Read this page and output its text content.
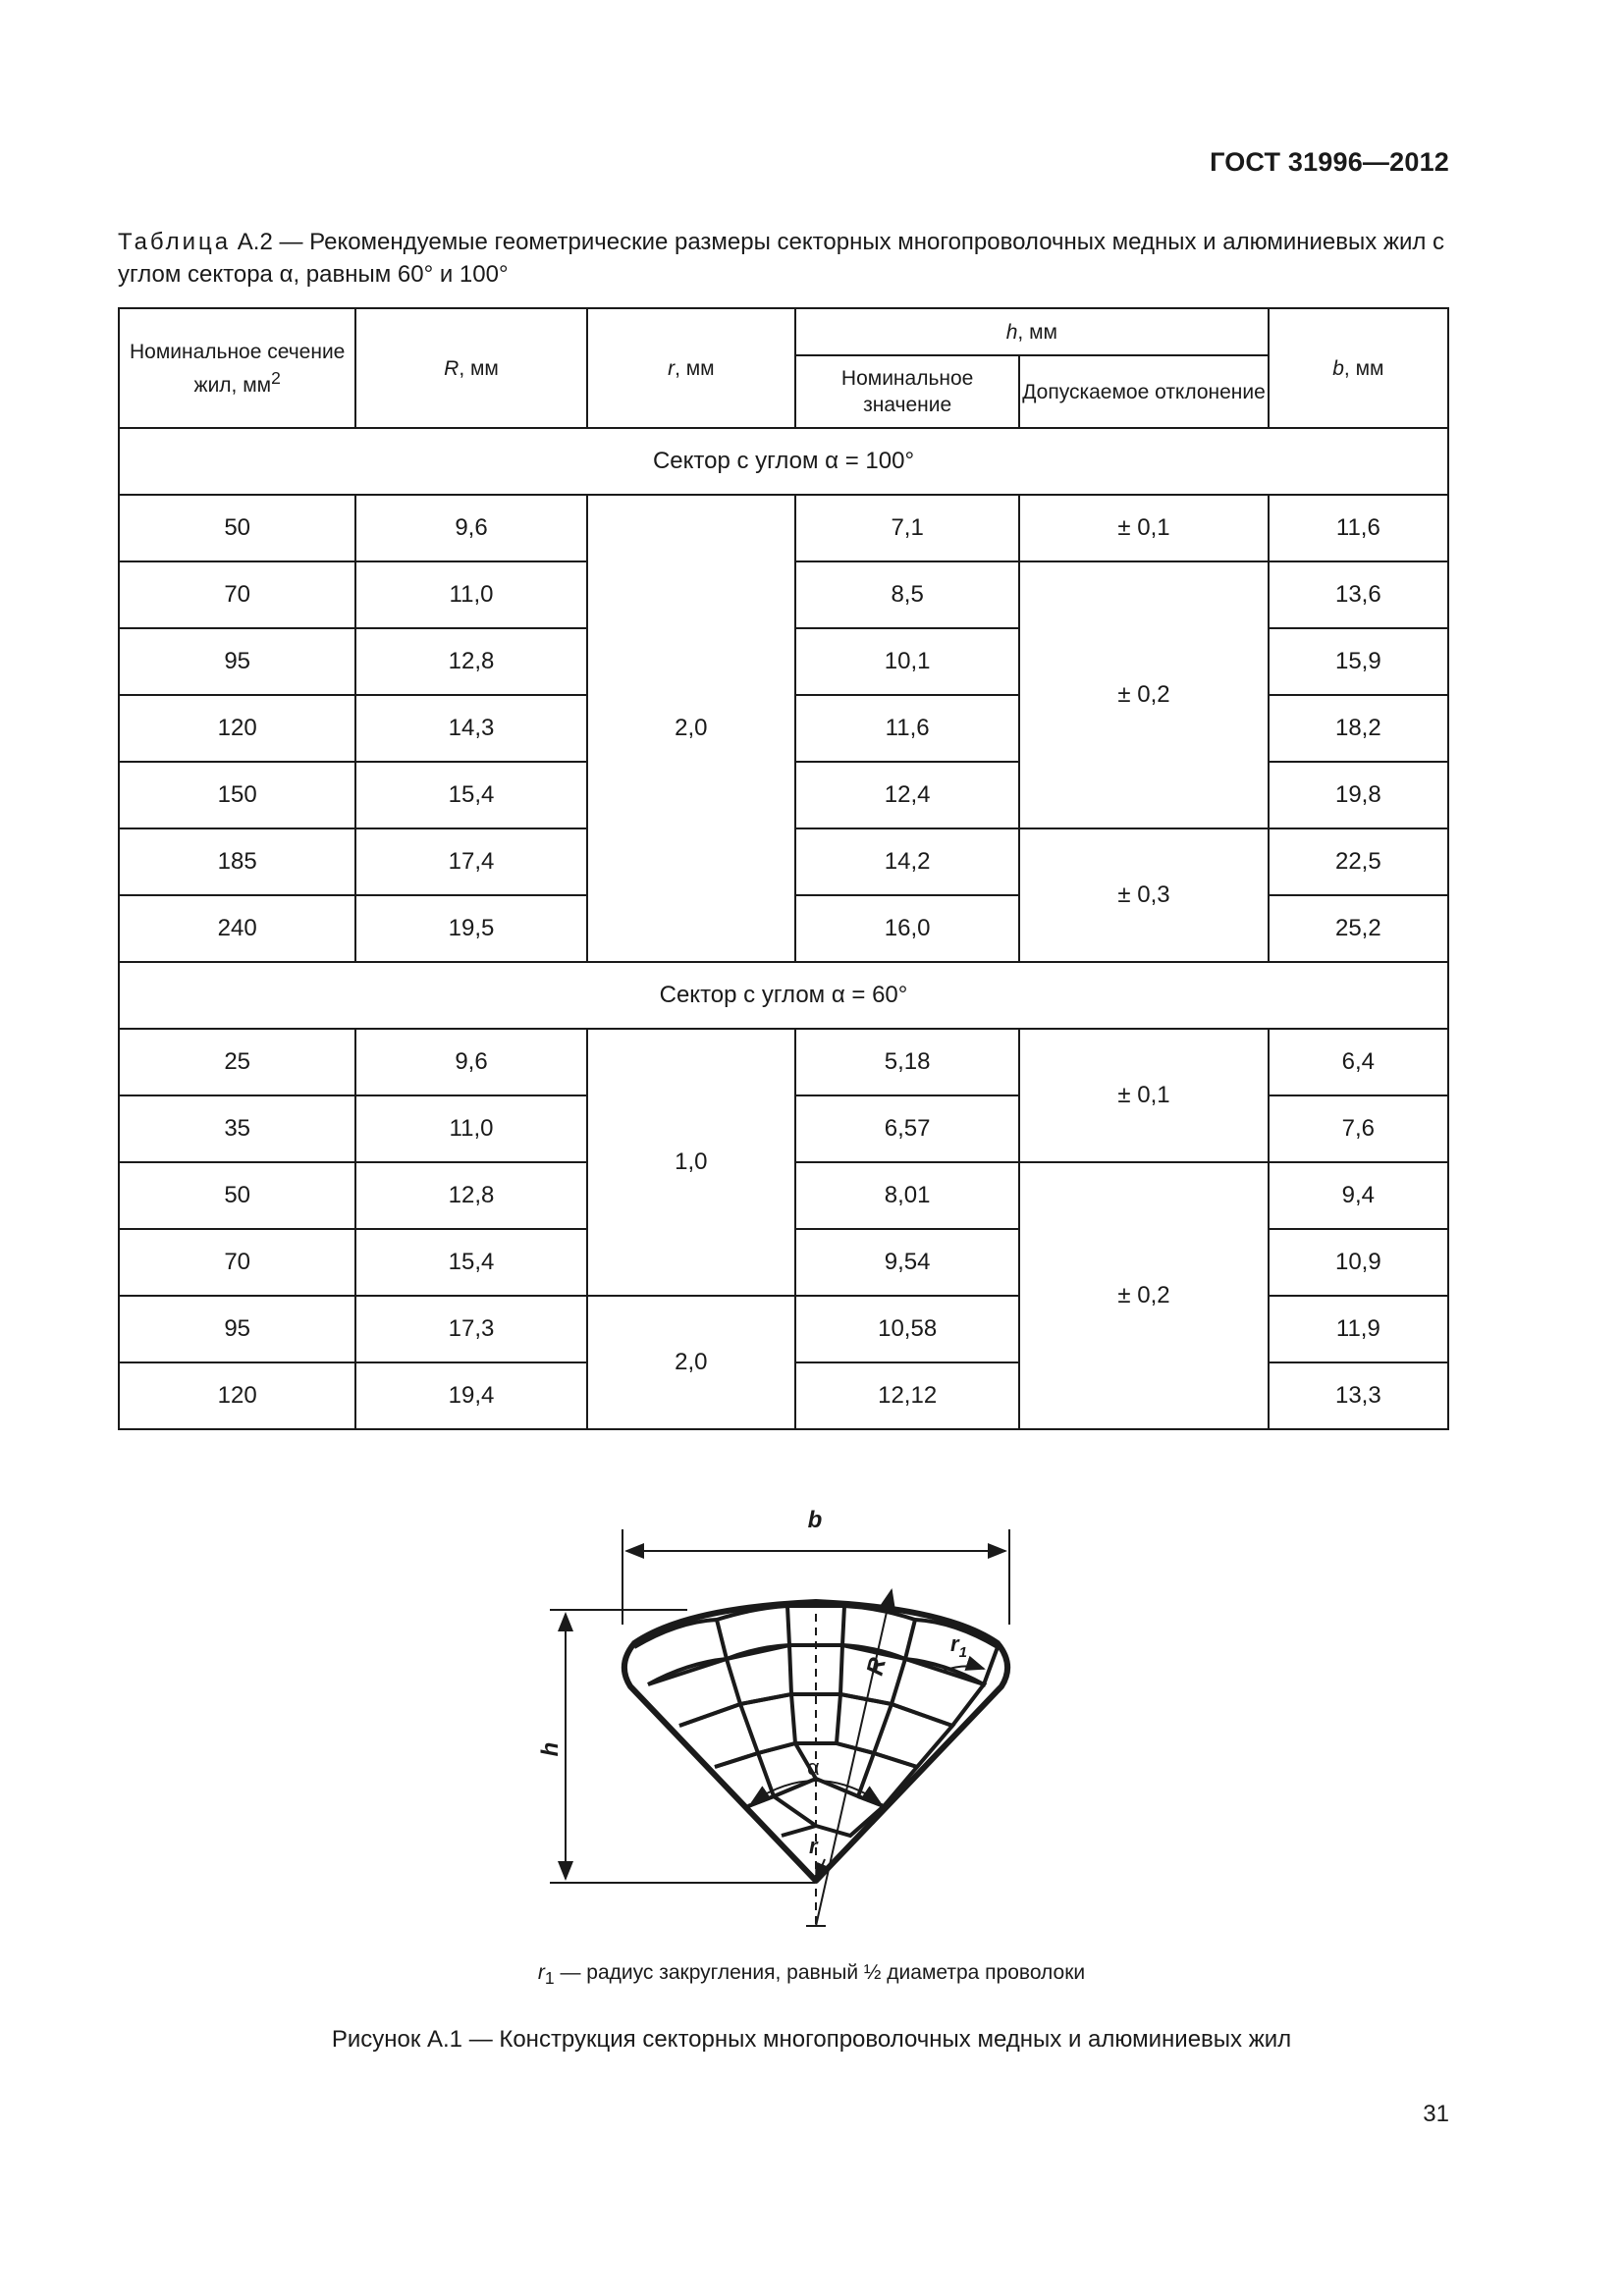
ГОСТ 31996—2012
Таблица А.2 — Рекомендуемые геометрические размеры секторных многопроволочных медных и алюминиевых жил с углом сектора α, равным 60° и 100°
Номинальное сечение жил, $мм^2$	R, мм	r, мм	h, мм		b, мм
			Номинальное значение	Допускаемое отклонение	
Сектор с углом α = 100°					
50	9,6	2,0	7,1	± 0,1	11,6
70	11,0		8,5	± 0,2	13,6
95	12,8		10,1		15,9
120	14,3		11,6		18,2
150	15,4		12,4		19,8
185	17,4		14,2	± 0,3	22,5
240	19,5		16,0		25,2
Сектор с углом α = 60°					
25	9,6	1,0	5,18	± 0,1	6,4
35	11,0		6,57		7,6
50	12,8		8,01	± 0,2	9,4
70	15,4		9,54		10,9
95	17,3	2,0	10,58		11,9
120	19,4		12,12		13,3
b
h
R
α
r
$r_1$
$r_1$ — радиус закругления, равный ½ диаметра проволоки
Рисунок А.1 — Конструкция секторных многопроволочных медных и алюминиевых жил
31
